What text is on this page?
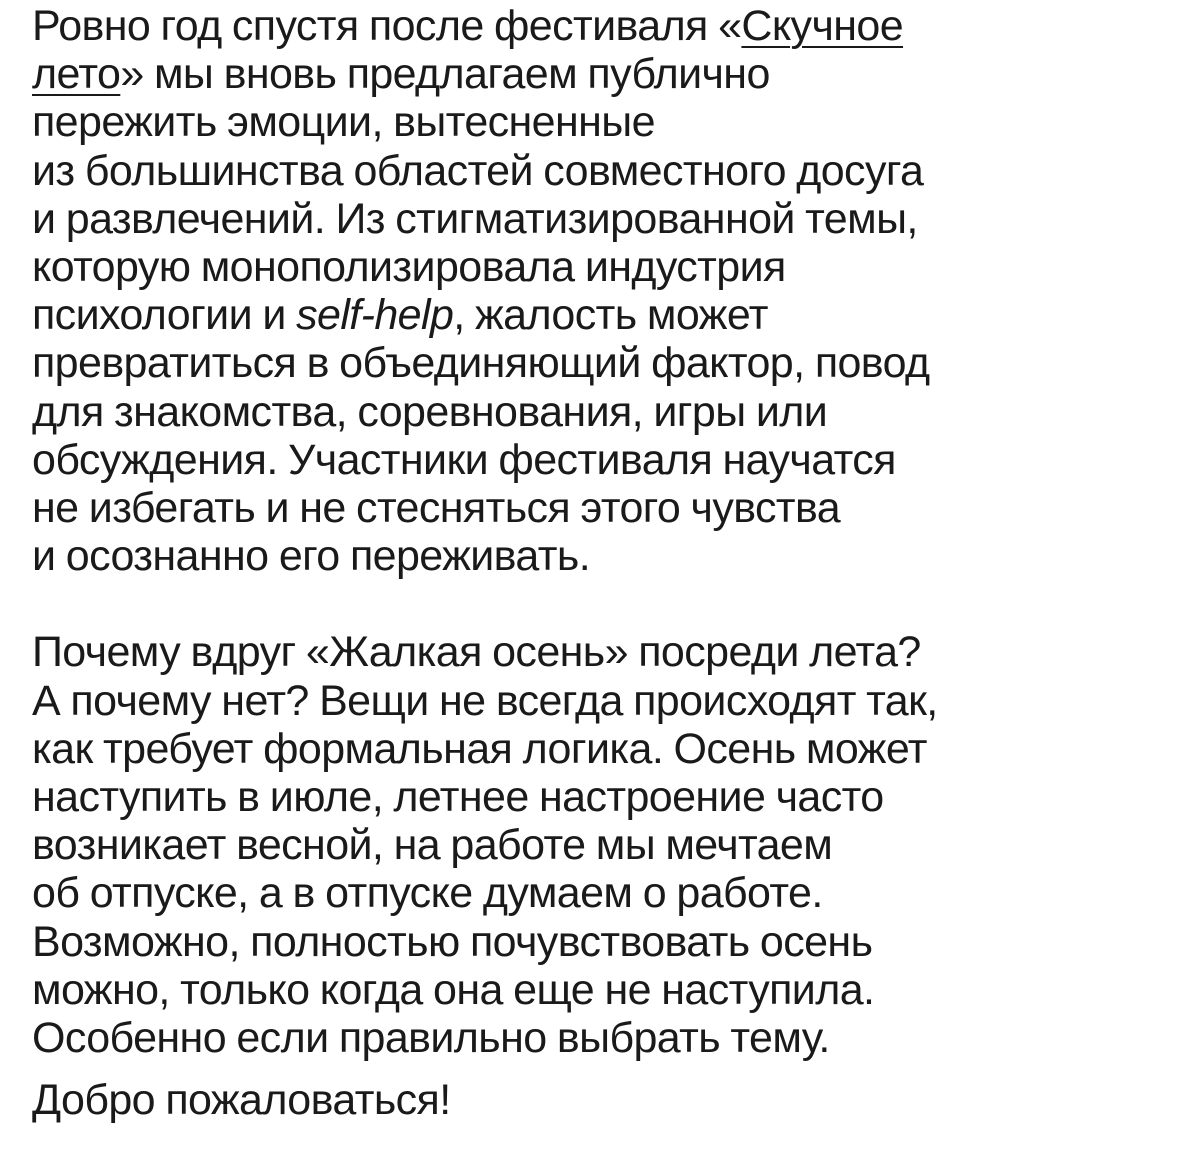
Ровно год спустя после фестиваля «Скучное
лето» мы вновь предлагаем публично
пережить эмоции, вытесненные
из большинства областей совместного досуга
и развлечений. Из стигматизированной темы,
которую монополизировала индустрия
психологии и self-help, жалость может
превратиться в объединяющий фактор, повод
для знакомства, соревнования, игры или
обсуждения. Участники фестиваля научатся
не избегать и не стесняться этого чувства
и осознанно его переживать.

Почему вдруг «Жалкая осень» посреди лета?
А почему нет? Вещи не всегда происходят так,
как требует формальная логика. Осень может
наступить в июле, летнее настроение часто
возникает весной, на работе мы мечтаем
об отпуске, а в отпуске думаем о работе.
Возможно, полностью почувствовать осень
можно, только когда она еще не наступила.
Особенно если правильно выбрать тему.

Добро пожаловаться!
